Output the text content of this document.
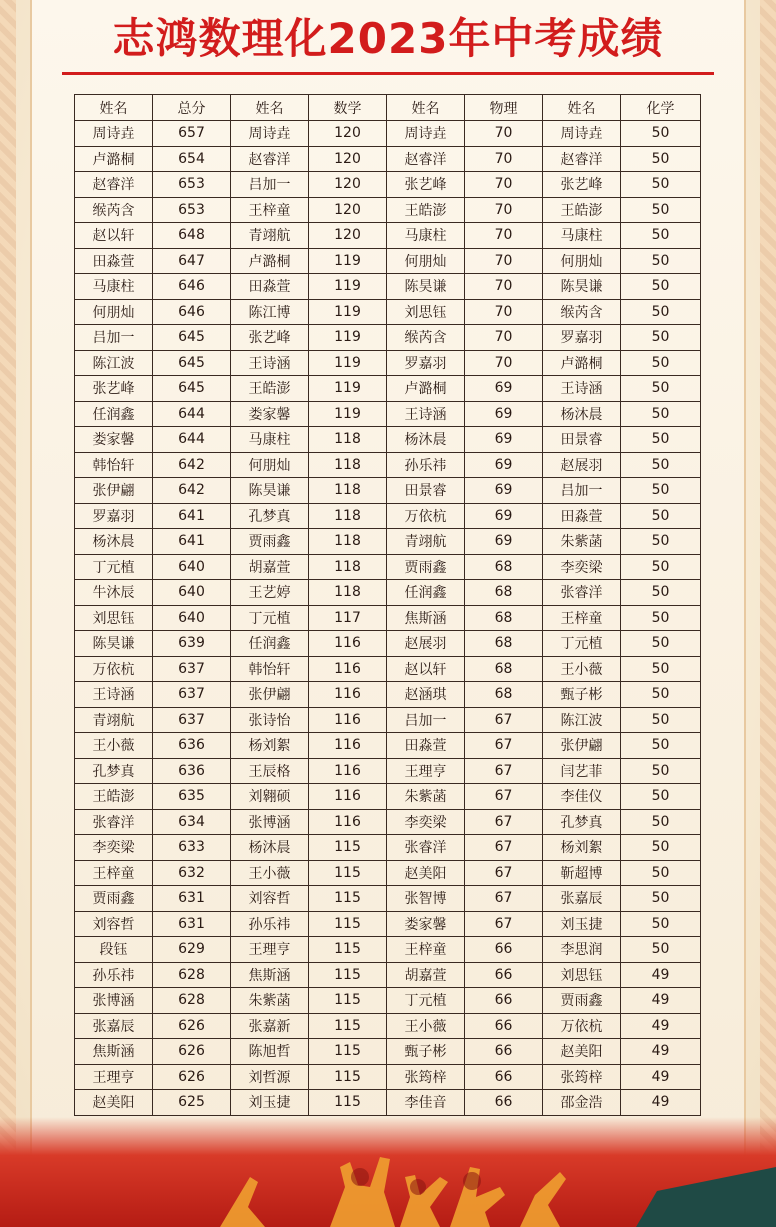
志鸿数理化2023年中考成绩
姓名	总分	姓名	数学	姓名	物理	姓名	化学
周诗垚	657	周诗垚	120	周诗垚	70	周诗垚	50
卢潞桐	654	赵睿洋	120	赵睿洋	70	赵睿洋	50
赵睿洋	653	吕加一	120	张艺峰	70	张艺峰	50
缑芮含	653	王梓童	120	王皓澎	70	王皓澎	50
赵以轩	648	青翊航	120	马康柱	70	马康柱	50
田淼萱	647	卢潞桐	119	何朋灿	70	何朋灿	50
马康柱	646	田淼萱	119	陈昊谦	70	陈昊谦	50
何朋灿	646	陈江博	119	刘思钰	70	缑芮含	50
吕加一	645	张艺峰	119	缑芮含	70	罗嘉羽	50
陈江波	645	王诗涵	119	罗嘉羽	70	卢潞桐	50
张艺峰	645	王皓澎	119	卢潞桐	69	王诗涵	50
任润鑫	644	娄家馨	119	王诗涵	69	杨沐晨	50
娄家馨	644	马康柱	118	杨沐晨	69	田景睿	50
韩怡轩	642	何朋灿	118	孙乐祎	69	赵展羽	50
张伊翩	642	陈昊谦	118	田景睿	69	吕加一	50
罗嘉羽	641	孔梦真	118	万依杭	69	田淼萱	50
杨沐晨	641	贾雨鑫	118	青翊航	69	朱紫菡	50
丁元植	640	胡嘉萱	118	贾雨鑫	68	李奕梁	50
牛沐辰	640	王艺婷	118	任润鑫	68	张睿洋	50
刘思钰	640	丁元植	117	焦斯涵	68	王梓童	50
陈昊谦	639	任润鑫	116	赵展羽	68	丁元植	50
万依杭	637	韩怡轩	116	赵以轩	68	王小薇	50
王诗涵	637	张伊翩	116	赵涵琪	68	甄子彬	50
青翊航	637	张诗怡	116	吕加一	67	陈江波	50
王小薇	636	杨刘絮	116	田淼萱	67	张伊翩	50
孔梦真	636	王辰格	116	王理亨	67	闫艺菲	50
王皓澎	635	刘翱硕	116	朱紫菡	67	李佳仪	50
张睿洋	634	张博涵	116	李奕梁	67	孔梦真	50
李奕梁	633	杨沐晨	115	张睿洋	67	杨刘絮	50
王梓童	632	王小薇	115	赵美阳	67	靳超博	50
贾雨鑫	631	刘容哲	115	张智博	67	张嘉辰	50
刘容哲	631	孙乐祎	115	娄家馨	67	刘玉捷	50
段钰	629	王理亨	115	王梓童	66	李思润	50
孙乐祎	628	焦斯涵	115	胡嘉萱	66	刘思钰	49
张博涵	628	朱紫菡	115	丁元植	66	贾雨鑫	49
张嘉辰	626	张嘉新	115	王小薇	66	万依杭	49
焦斯涵	626	陈旭哲	115	甄子彬	66	赵美阳	49
王理亨	626	刘哲源	115	张筠梓	66	张筠梓	49
赵美阳	625	刘玉捷	115	李佳音	66	邵金浩	49
